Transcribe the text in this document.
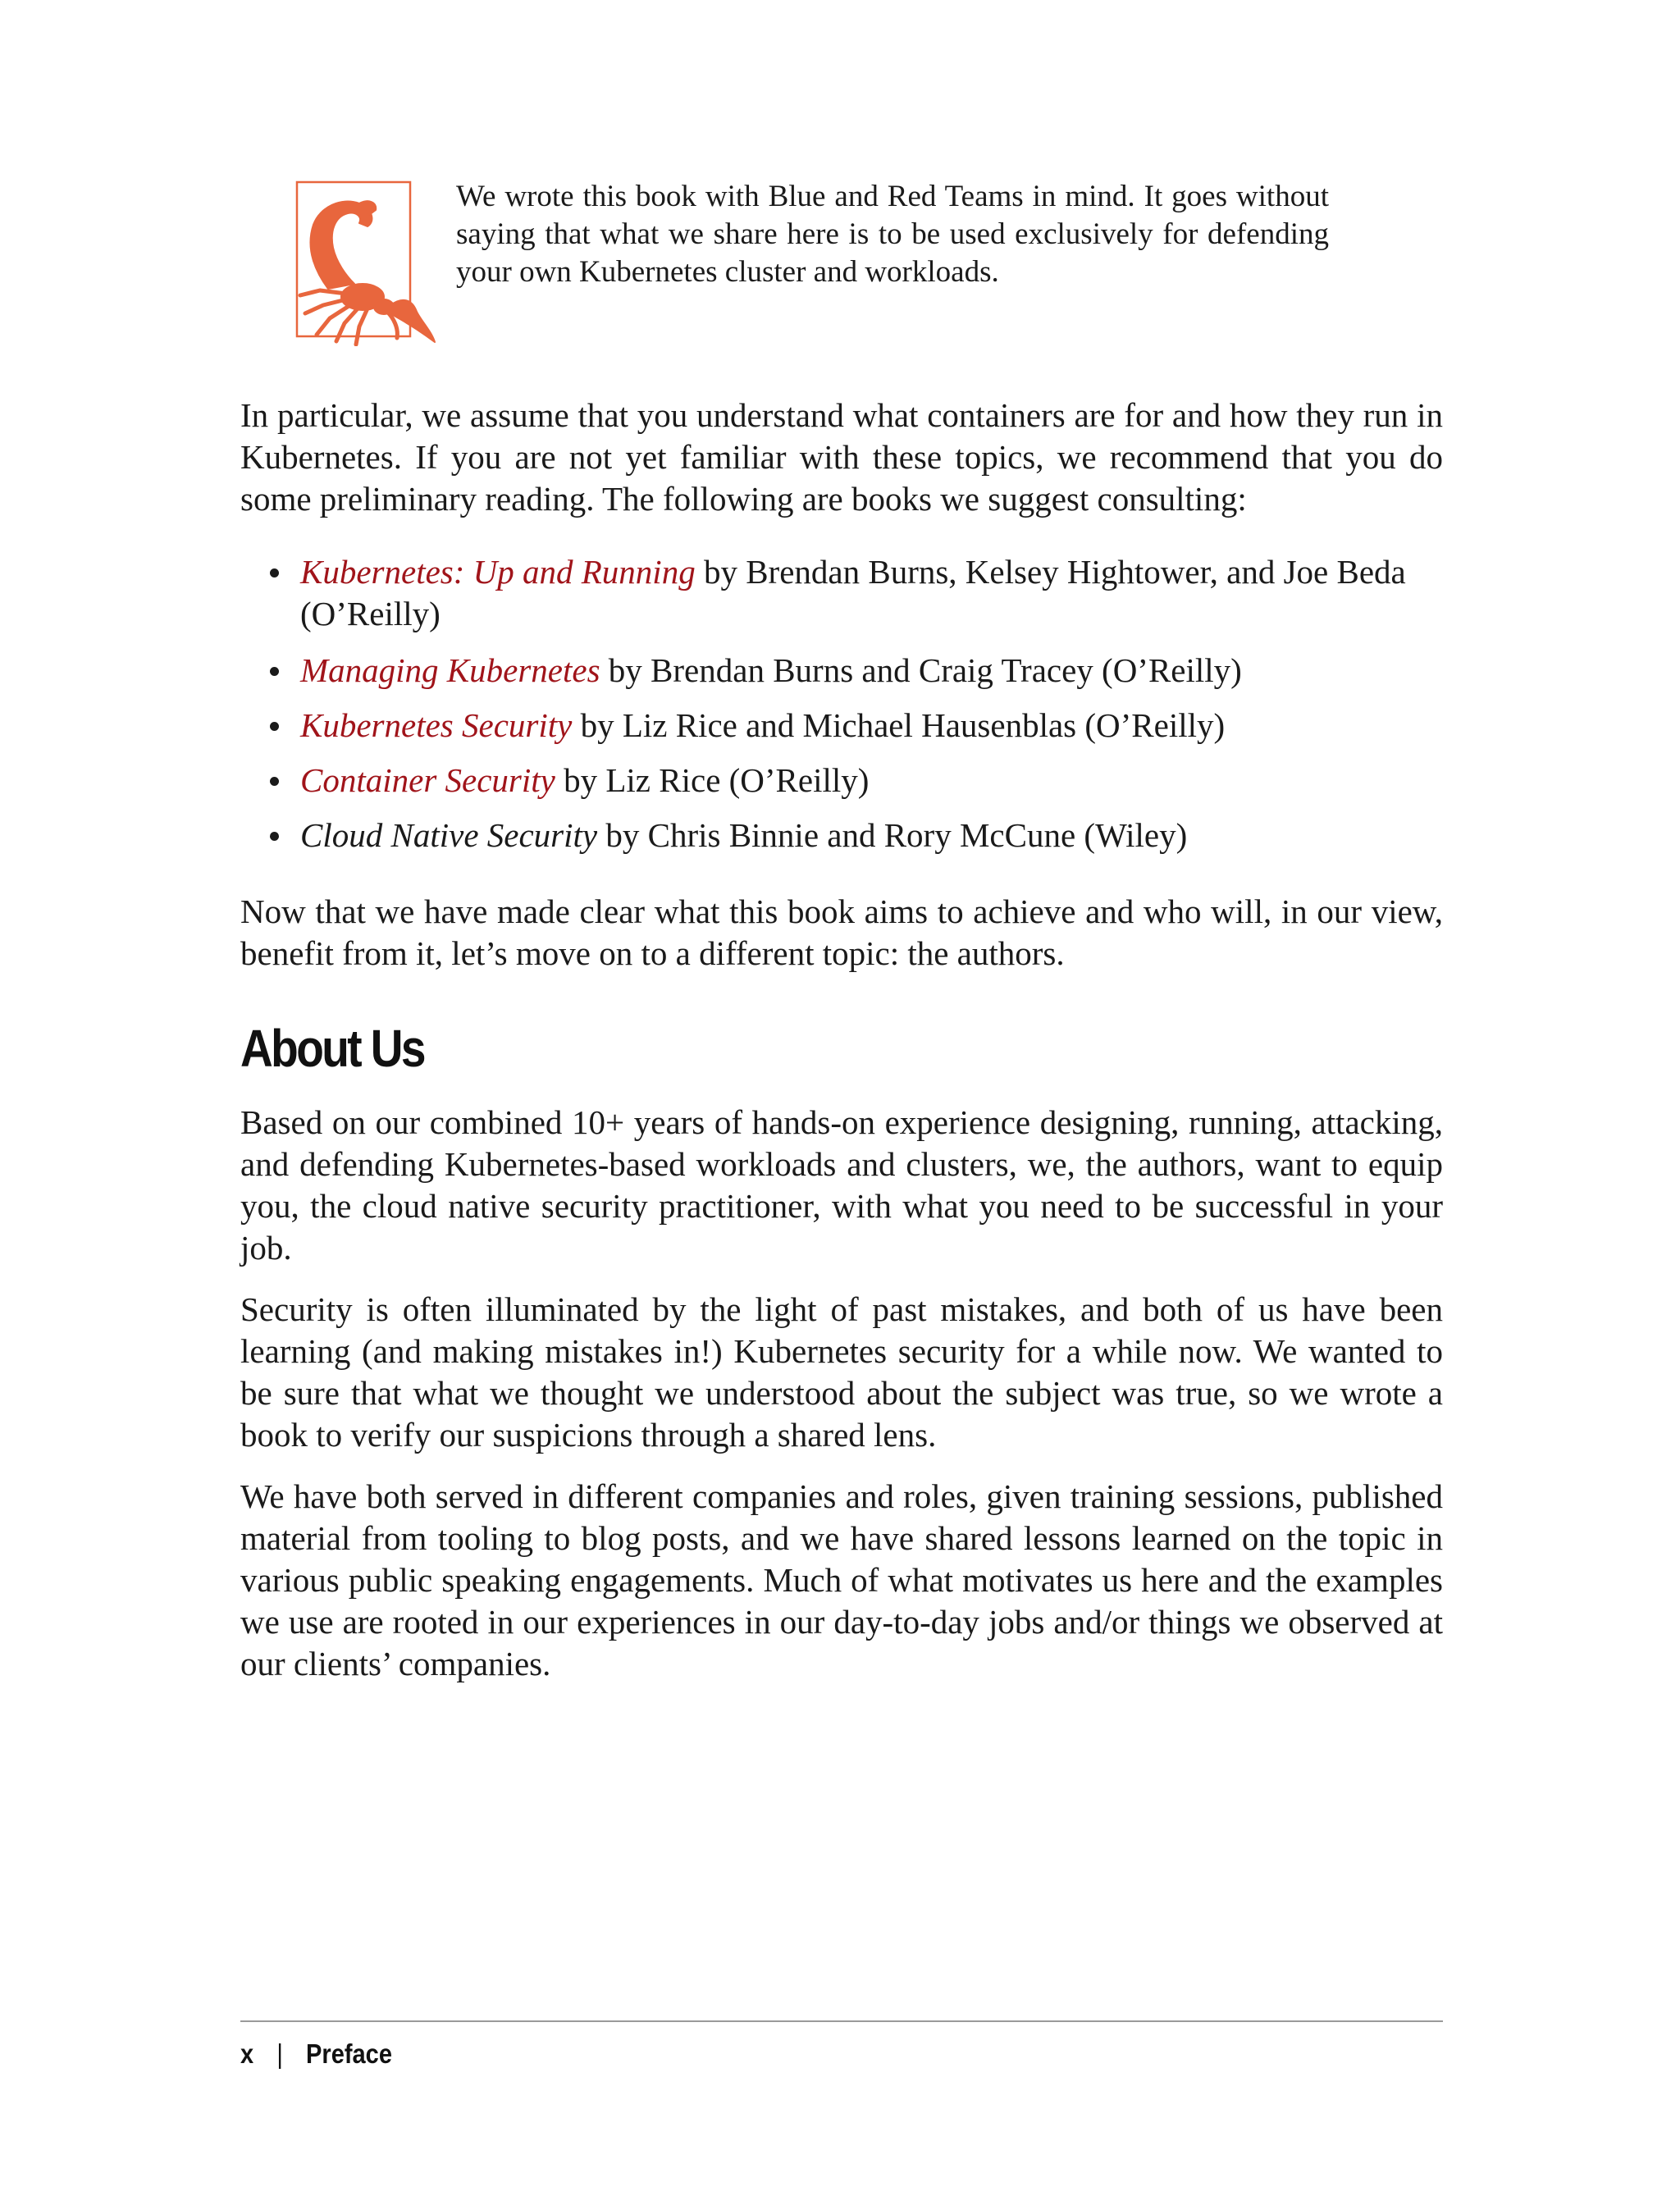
We wrote this book with Blue and Red Teams in mind. It goes without saying that what we share here is to be used exclusively for defending your own Kubernetes cluster and workloads.

In particular, we assume that you understand what containers are for and how they run in Kubernetes. If you are not yet familiar with these topics, we recommend that you do some preliminary reading. The following are books we suggest consulting:

Kubernetes: Up and Running by Brendan Burns, Kelsey Hightower, and Joe Beda (O’Reilly)
Managing Kubernetes by Brendan Burns and Craig Tracey (O’Reilly)
Kubernetes Security by Liz Rice and Michael Hausenblas (O’Reilly)
Container Security by Liz Rice (O’Reilly)
Cloud Native Security by Chris Binnie and Rory McCune (Wiley)

Now that we have made clear what this book aims to achieve and who will, in our view, benefit from it, let’s move on to a different topic: the authors.

About Us

Based on our combined 10+ years of hands-on experience designing, running, attacking, and defending Kubernetes-based workloads and clusters, we, the authors, want to equip you, the cloud native security practitioner, with what you need to be successful in your job.

Security is often illuminated by the light of past mistakes, and both of us have been learning (and making mistakes in!) Kubernetes security for a while now. We wanted to be sure that what we thought we understood about the subject was true, so we wrote a book to verify our suspicions through a shared lens.

We have both served in different companies and roles, given training sessions, published material from tooling to blog posts, and we have shared lessons learned on the topic in various public speaking engagements. Much of what motivates us here and the examples we use are rooted in our experiences in our day-to-day jobs and/or things we observed at our clients’ companies.

x | Preface
